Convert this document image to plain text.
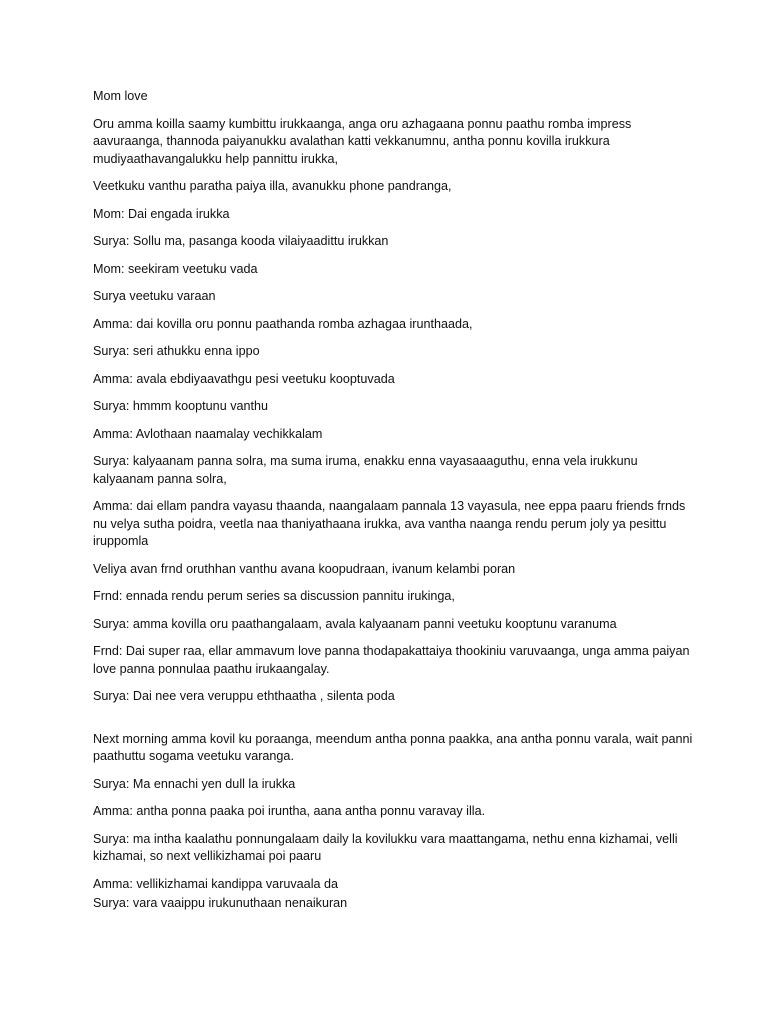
Mom love

Oru amma koilla saamy kumbittu irukkaanga, anga oru azhagaana ponnu paathu romba impress aavuraanga, thannoda paiyanukku avalathan katti vekkanumnu, antha ponnu kovilla irukkura mudiyaathavangalukku help pannittu irukka,

Veetkuku vanthu paratha paiya illa, avanukku phone pandranga,

Mom: Dai engada irukka

Surya: Sollu ma, pasanga kooda vilaiyaadittu irukkan

Mom: seekiram veetuku vada

Surya veetuku varaan

Amma: dai kovilla oru ponnu paathanda romba azhagaa irunthaada,

Surya: seri athukku enna ippo

Amma: avala ebdiyaavathgu pesi veetuku kooptuvada

Surya: hmmm kooptunu vanthu

Amma: Avlothaan naamalay vechikkalam

Surya: kalyaanam panna solra, ma suma iruma, enakku enna vayasaaaguthu, enna vela irukkunu kalyaanam panna solra,

Amma: dai ellam pandra vayasu thaanda, naangalaam pannala 13 vayasula, nee eppa paaru friends frnds nu velya sutha poidra, veetla naa thaniyathaana irukka, ava vantha naanga rendu perum joly ya pesittu iruppomla

Veliya avan frnd oruthhan vanthu avana koopudraan, ivanum kelambi poran

Frnd: ennada rendu perum series sa discussion pannitu irukinga,

Surya: amma kovilla oru paathangalaam, avala kalyaanam panni veetuku kooptunu varanuma

Frnd: Dai super raa, ellar ammavum love panna thodapakattaiya thookiniu varuvaanga, unga amma paiyan love panna ponnulaa paathu irukaangalay.

Surya: Dai nee vera veruppu eththaatha , silenta poda

Next morning amma kovil ku poraanga, meendum antha ponna paakka, ana antha ponnu varala, wait panni paathuttu sogama veetuku varanga.

Surya: Ma ennachi yen dull la irukka

Amma: antha ponna paaka poi iruntha, aana antha ponnu varavay illa.

Surya: ma intha kaalathu ponnungalaam daily la kovilukku vara maattangama, nethu enna kizhamai, velli kizhamai, so next vellikizhamai poi paaru

Amma: vellikizhamai kandippa varuvaala da

Surya: vara vaaippu irukunuthaan nenaikuran
